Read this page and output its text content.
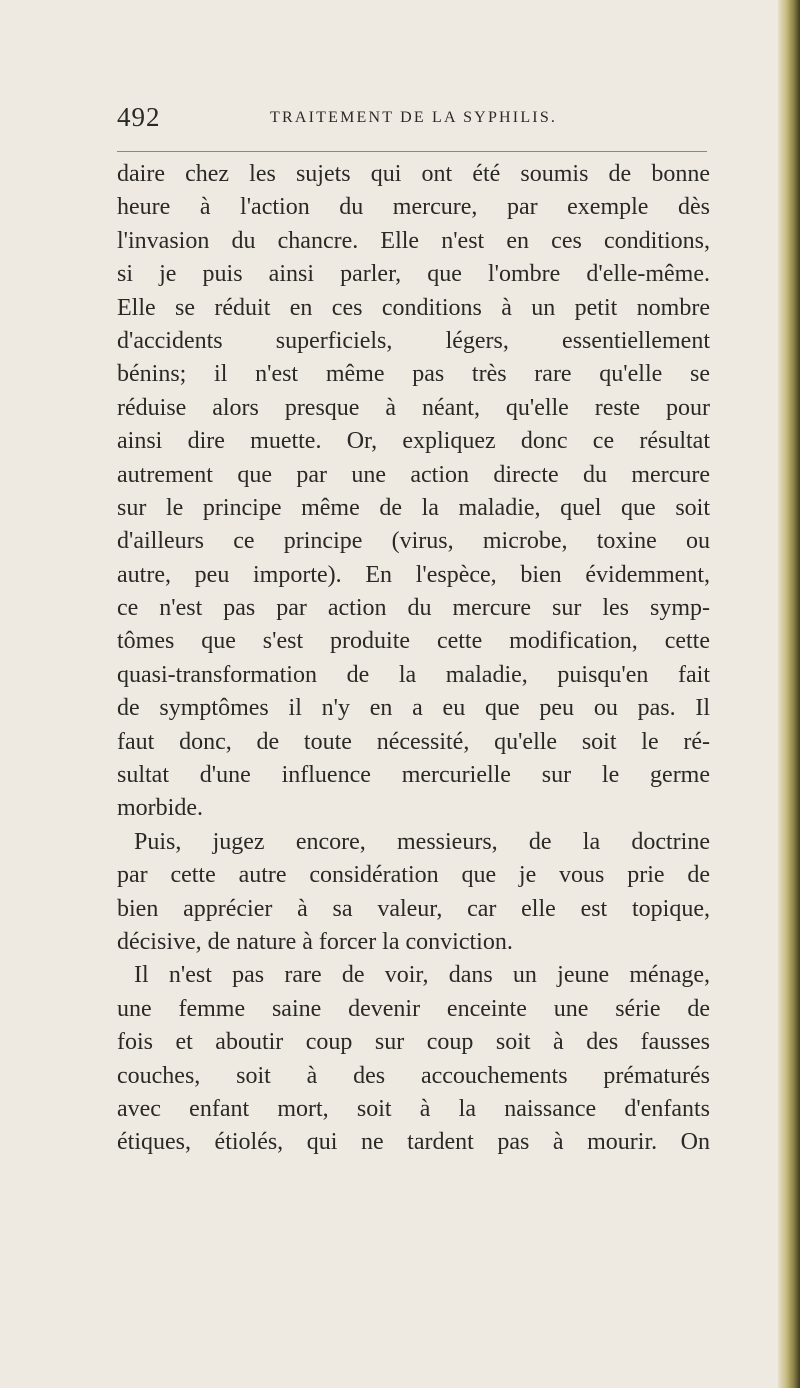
492	TRAITEMENT DE LA SYPHILIS.
daire chez les sujets qui ont été soumis de bonne
heure à l'action du mercure, par exemple dès
l'invasion du chancre. Elle n'est en ces conditions,
si je puis ainsi parler, que l'ombre d'elle-même.
Elle se réduit en ces conditions à un petit nombre
d'accidents superficiels, légers, essentiellement
bénins; il n'est même pas très rare qu'elle se
réduise alors presque à néant, qu'elle reste pour
ainsi dire muette. Or, expliquez donc ce résultat
autrement que par une action directe du mercure
sur le principe même de la maladie, quel que soit
d'ailleurs ce principe (virus, microbe, toxine ou
autre, peu importe). En l'espèce, bien évidemment,
ce n'est pas par action du mercure sur les symp-
tômes que s'est produite cette modification, cette
quasi-transformation de la maladie, puisqu'en fait
de symptômes il n'y en a eu que peu ou pas. Il
faut donc, de toute nécessité, qu'elle soit le ré-
sultat d'une influence mercurielle sur le germe
morbide.
Puis, jugez encore, messieurs, de la doctrine
par cette autre considération que je vous prie de
bien apprécier à sa valeur, car elle est topique,
décisive, de nature à forcer la conviction.
Il n'est pas rare de voir, dans un jeune ménage,
une femme saine devenir enceinte une série de
fois et aboutir coup sur coup soit à des fausses
couches, soit à des accouchements prématurés
avec enfant mort, soit à la naissance d'enfants
étiques, étiolés, qui ne tardent pas à mourir. On
